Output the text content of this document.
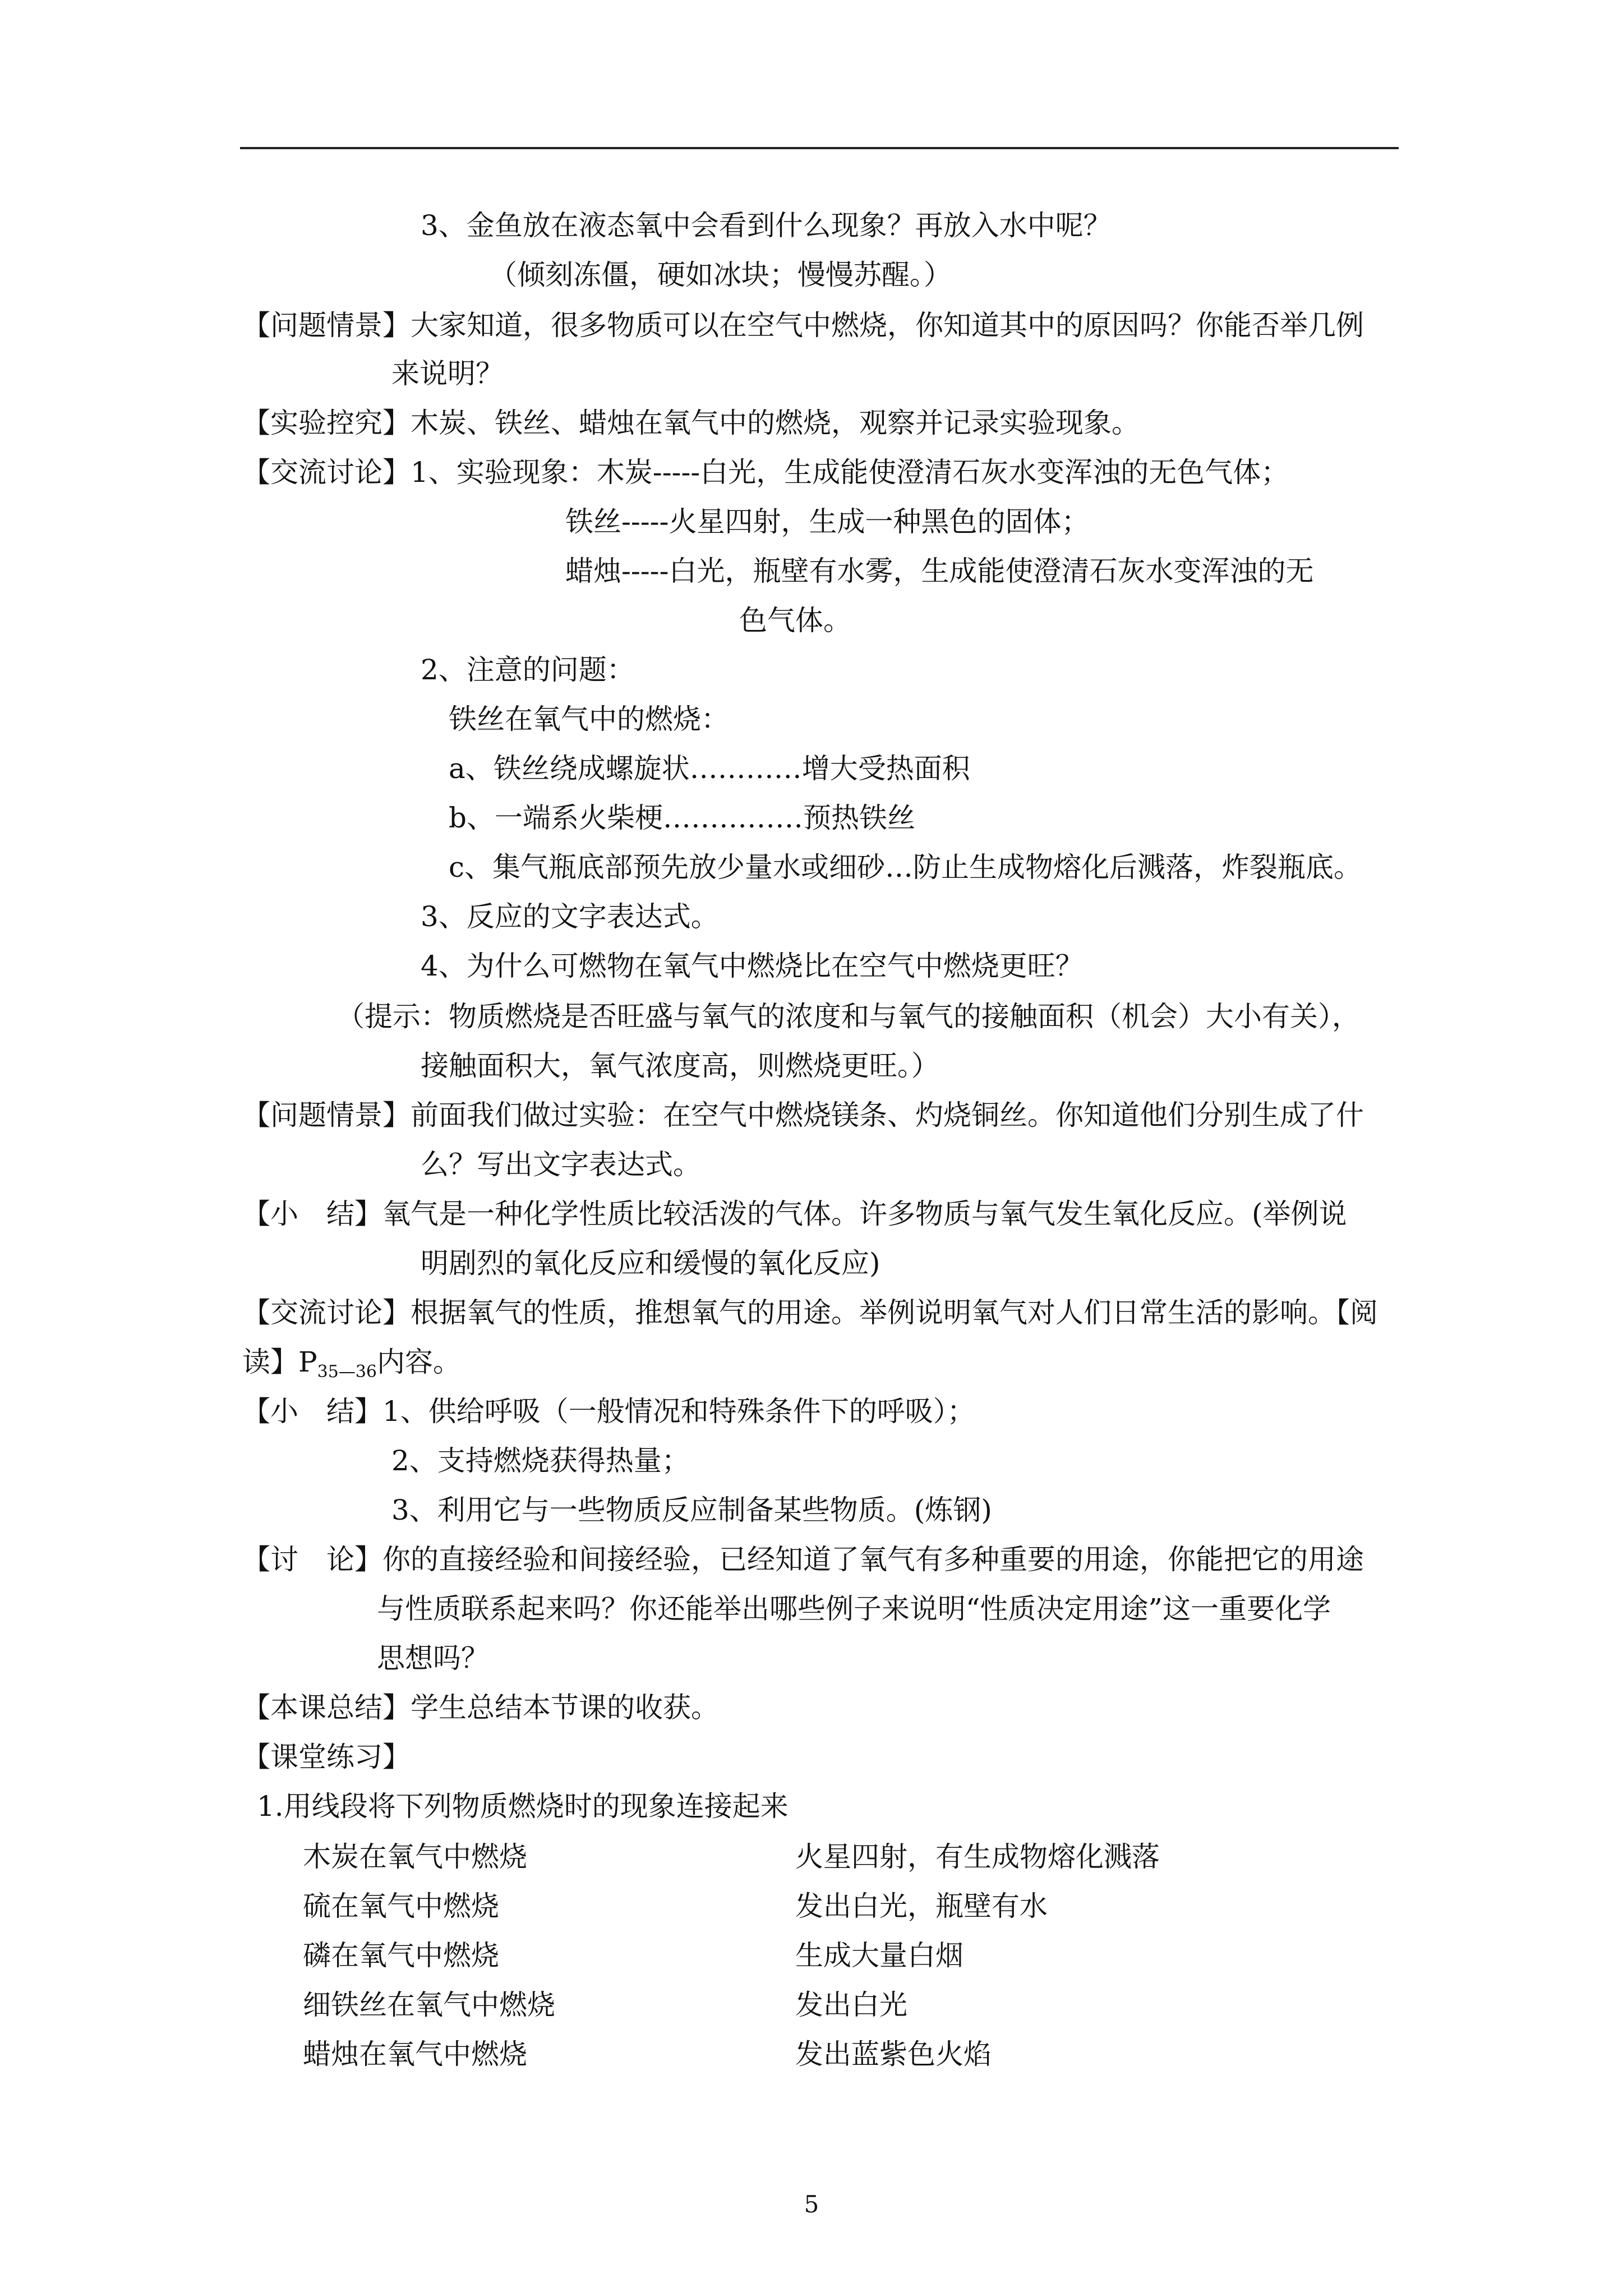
3、金鱼放在液态氧中会看到什么现象？再放入水中呢？
（倾刻冻僵，硬如冰块；慢慢苏醒。）
【问题情景】大家知道，很多物质可以在空气中燃烧，你知道其中的原因吗？你能否举几例
来说明？
【实验控究】木炭、铁丝、蜡烛在氧气中的燃烧，观察并记录实验现象。
【交流讨论】1、实验现象：木炭-----白光，生成能使澄清石灰水变浑浊的无色气体；
铁丝-----火星四射，生成一种黑色的固体；
蜡烛-----白光，瓶壁有水雾，生成能使澄清石灰水变浑浊的无
色气体。
2、注意的问题：
铁丝在氧气中的燃烧：
a、铁丝绕成螺旋状…………增大受热面积
b、一端系火柴梗……………预热铁丝
c、集气瓶底部预先放少量水或细砂…防止生成物熔化后溅落，炸裂瓶底。
3、反应的文字表达式。
4、为什么可燃物在氧气中燃烧比在空气中燃烧更旺？
（提示：物质燃烧是否旺盛与氧气的浓度和与氧气的接触面积（机会）大小有关），
接触面积大，氧气浓度高，则燃烧更旺。）
【问题情景】前面我们做过实验：在空气中燃烧镁条、灼烧铜丝。你知道他们分别生成了什
么？写出文字表达式。
【小　结】氧气是一种化学性质比较活泼的气体。许多物质与氧气发生氧化反应。(举例说
明剧烈的氧化反应和缓慢的氧化反应)
【交流讨论】根据氧气的性质，推想氧气的用途。举例说明氧气对人们日常生活的影响。【阅
读】$P_{35—36}$内容。
【小　结】1、供给呼吸（一般情况和特殊条件下的呼吸）；
2、支持燃烧获得热量；
3、利用它与一些物质反应制备某些物质。(炼钢)
【讨　论】你的直接经验和间接经验，已经知道了氧气有多种重要的用途，你能把它的用途
与性质联系起来吗？你还能举出哪些例子来说明“性质决定用途”这一重要化学
思想吗？
【本课总结】学生总结本节课的收获。
【课堂练习】
1.用线段将下列物质燃烧时的现象连接起来
木炭在氧气中燃烧
硫在氧气中燃烧
磷在氧气中燃烧
细铁丝在氧气中燃烧
蜡烛在氧气中燃烧
火星四射，有生成物熔化溅落
发出白光，瓶壁有水
生成大量白烟
发出白光
发出蓝紫色火焰
5
